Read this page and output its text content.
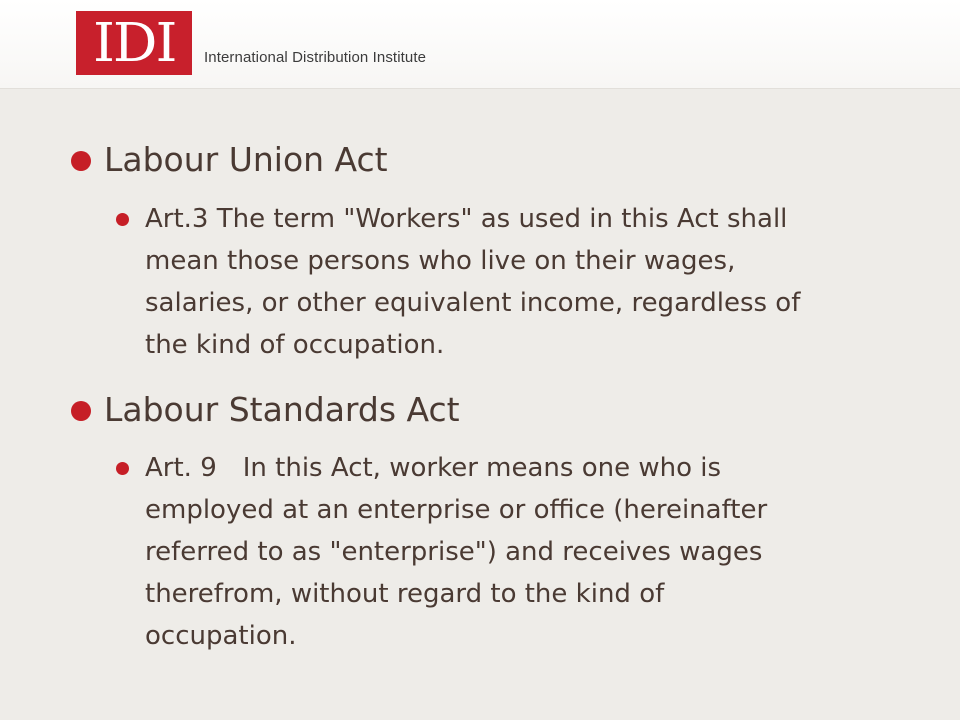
IDI International Distribution Institute
Labour Union Act
Art.3 The term "Workers" as used in this Act shall
mean those persons who live on their wages,
salaries, or other equivalent income, regardless of
the kind of occupation.
Labour Standards Act
Art. 9 In this Act, worker means one who is
employed at an enterprise or office (hereinafter
referred to as "enterprise") and receives wages
therefrom, without regard to the kind of
occupation.
